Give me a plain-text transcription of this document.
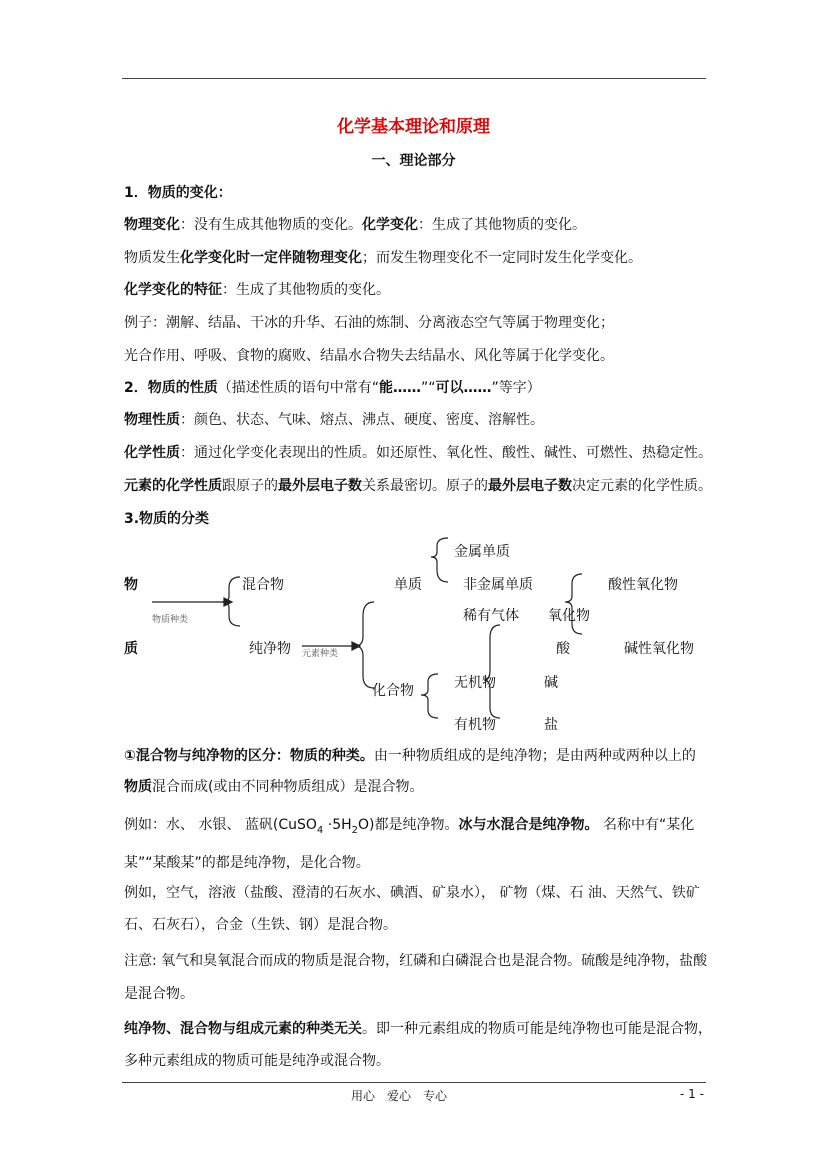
化学基本理论和原理
一、理论部分
1．物质的变化：
物理变化：没有生成其他物质的变化。化学变化：生成了其他物质的变化。
物质发生化学变化时一定伴随物理变化；而发生物理变化不一定同时发生化学变化。
化学变化的特征：生成了其他物质的变化。
例子：潮解、结晶、干冰的升华、石油的炼制、分离液态空气等属于物理变化；
光合作用、呼吸、食物的腐败、结晶水合物失去结晶水、风化等属于化学变化。
2．物质的性质（描述性质的语句中常有“能……”“可以……”等字）
物理性质：颜色、状态、气味、熔点、沸点、硬度、密度、溶解性。
化学性质：通过化学变化表现出的性质。如还原性、氧化性、酸性、碱性、可燃性、热稳定性。
元素的化学性质跟原子的最外层电子数关系最密切。原子的最外层电子数决定元素的化学性质。
3.物质的分类
物
质
物质种类
元素种类
混合物
纯净物
单质
金属单质
非金属单质
稀有气体
化合物	无机物
有机物
氧化物
酸
碱
盐
酸性氧化物
碱性氧化物
①混合物与纯净物的区分：物质的种类。由一种物质组成的是纯净物；是由两种或两种以上的
物质混合而成(或由不同种物质组成）是混合物。
例如：水、 水银、 蓝矾(CuSO$_4$ $\cdot 5H_2O$)都是纯净物。冰与水混合是纯净物。 名称中有“某化
某”“某酸某”的都是纯净物，是化合物。
例如，空气，溶液（盐酸、澄清的石灰水、碘酒、矿泉水）， 矿物（煤、石 油、天然气、铁矿
石、石灰石），合金（生铁、钢）是混合物。
注意: 氧气和臭氧混合而成的物质是混合物，红磷和白磷混合也是混合物。硫酸是纯净物，盐酸
是混合物。
纯净物、混合物与组成元素的种类无关。即一种元素组成的物质可能是纯净物也可能是混合物，
多种元素组成的物质可能是纯净或混合物。
用心　爱心　专心	- 1 -
